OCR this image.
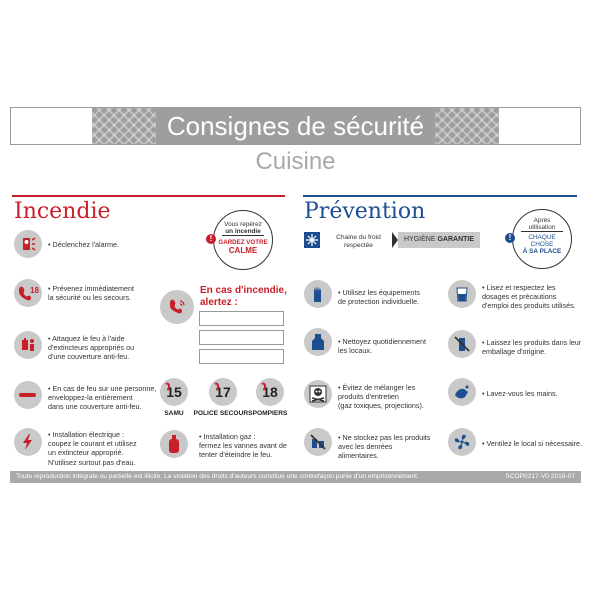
Consignes de sécurité
Cuisine
Incendie	Prévention
Vous repérez
un incendie
GARDEZ VOTRE
CALME
!
• Déclenchez l'alarme.
18 • Prévenez immédiatement
la sécurité ou les secours.
• Attaquez le feu à l'aide
d'extincteurs appropriés ou
d'une couverture anti-feu.
• En cas de feu sur une personne,
enveloppez-la entièrement
dans une couverture anti-feu.
• Installation électrique :
coupez le courant et utilisez
un extincteur approprié.
N'utilisez surtout pas d'eau.
En cas d'incendie,
alertez :
15
SAMU
17
POLICE SECOURS
18
POMPIERS
• Installation gaz :
fermez les vannes avant de
tenter d'éteindre le feu.
Après
utilisation
CHAQUE
CHOSE
À SA PLACE
!
Chaine du froid
respectée
HYGIÈNE GARANTIE
• Utilisez les équipements
de protection individuelle.
• Nettoyez quotidiennement
les locaux.
• Évitez de mélanger les
produits d'entretien
(gaz toxiques, projections).
• Ne stockez pas les produits
avec les denrées
alimentaires.
• Lisez et respectez les
dosages et précautions
d'emploi des produits utilisés.
• Laissez les produits dans leur
emballage d'origine.
• Lavez-vous les mains.
• Ventilez le local si nécessaire.
Toute reproduction intégrale ou partielle est illicite. La violation des droits d'auteurs constitue une contrefaçon punie d'un emprisonnement.	SCOP0217-V0 2018-07
